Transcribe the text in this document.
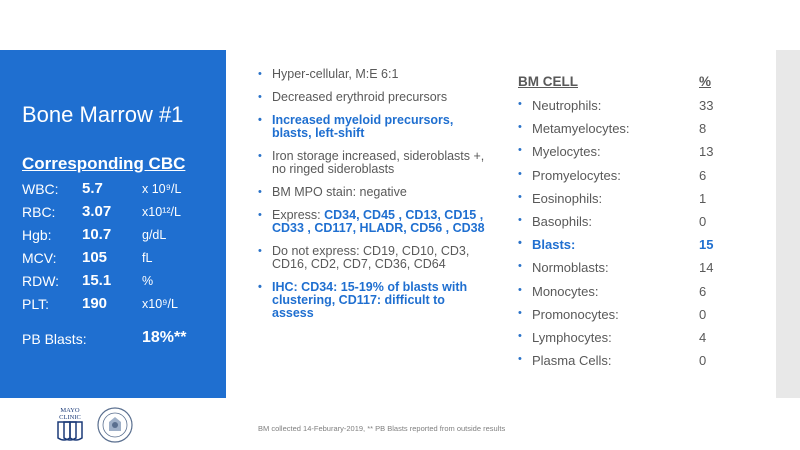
Bone Marrow #1
Corresponding CBC
WBC: 5.7	x 10⁹/L
RBC: 3.07 x10¹²/L
Hgb: 10.7 g/dL
MCV: 105	fL
RDW: 15.1 %
PLT: 190	x10⁹/L
PB Blasts:	18%**
• Hyper-cellular, M:E 6:1
• Decreased erythroid precursors
• Increased myeloid precursors, blasts, left-shift
• Iron storage increased, sideroblasts +, no ringed sideroblasts
• BM MPO stain: negative
• Express: CD34, CD45 , CD13, CD15 , CD33 , CD117, HLADR, CD56 , CD38
• Do not express: CD19, CD10, CD3, CD16, CD2, CD7, CD36, CD64
• IHC: CD34: 15-19% of blasts with clustering, CD117: difficult to assess
BM CELL	%
• Neutrophils:	33
• Metamyelocytes:	8
• Myelocytes:	13
• Promyelocytes:	6
• Eosinophils:	1
• Basophils:	0
• Blasts:	15
• Normoblasts:	14
• Monocytes:	6
• Promonocytes:	0
• Lymphocytes:	4
• Plasma Cells:	0
MAYO
CLINIC
BM collected 14-Feburary-2019, ** PB Blasts reported from outside results
